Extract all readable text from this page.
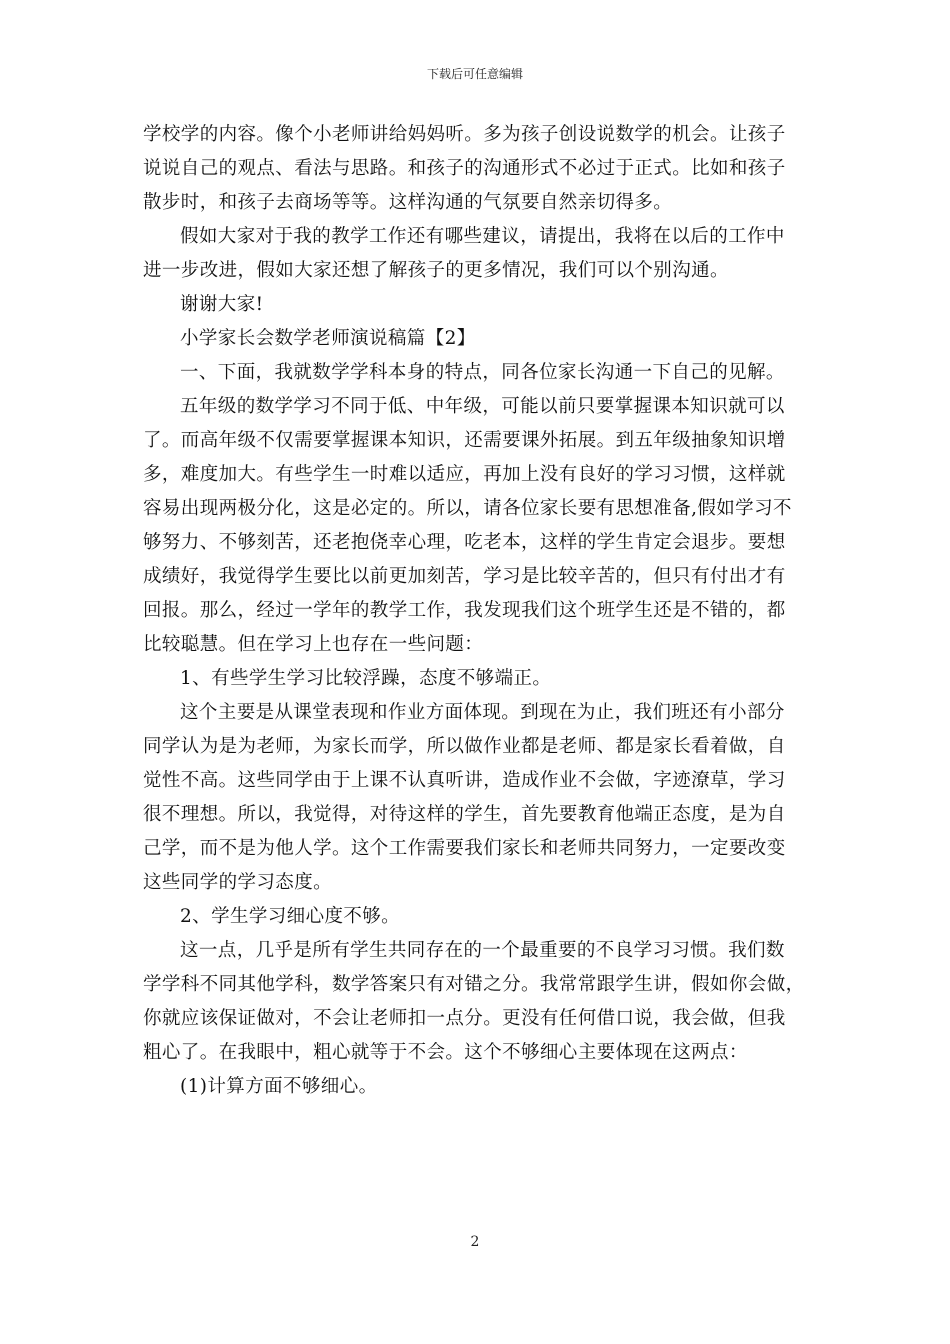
下载后可任意编辑
学校学的内容。像个小老师讲给妈妈听。多为孩子创设说数学的机会。让孩子
说说自己的观点、看法与思路。和孩子的沟通形式不必过于正式。比如和孩子
散步时，和孩子去商场等等。这样沟通的气氛要自然亲切得多。
假如大家对于我的教学工作还有哪些建议，请提出，我将在以后的工作中
进一步改进，假如大家还想了解孩子的更多情况，我们可以个别沟通。
谢谢大家!
小学家长会数学老师演说稿篇【2】
一、下面，我就数学学科本身的特点，同各位家长沟通一下自己的见解。
五年级的数学学习不同于低、中年级，可能以前只要掌握课本知识就可以
了。而高年级不仅需要掌握课本知识，还需要课外拓展。到五年级抽象知识增
多，难度加大。有些学生一时难以适应，再加上没有良好的学习习惯，这样就
容易出现两极分化，这是必定的。所以，请各位家长要有思想准备,假如学习不
够努力、不够刻苦，还老抱侥幸心理，吃老本，这样的学生肯定会退步。要想
成绩好，我觉得学生要比以前更加刻苦，学习是比较辛苦的，但只有付出才有
回报。那么，经过一学年的教学工作，我发现我们这个班学生还是不错的，都
比较聪慧。但在学习上也存在一些问题：
1、有些学生学习比较浮躁，态度不够端正。
这个主要是从课堂表现和作业方面体现。到现在为止，我们班还有小部分
同学认为是为老师，为家长而学，所以做作业都是老师、都是家长看着做，自
觉性不高。这些同学由于上课不认真听讲，造成作业不会做，字迹潦草，学习
很不理想。所以，我觉得，对待这样的学生，首先要教育他端正态度，是为自
己学，而不是为他人学。这个工作需要我们家长和老师共同努力，一定要改变
这些同学的学习态度。
2、学生学习细心度不够。
这一点，几乎是所有学生共同存在的一个最重要的不良学习习惯。我们数
学学科不同其他学科，数学答案只有对错之分。我常常跟学生讲，假如你会做，
你就应该保证做对，不会让老师扣一点分。更没有任何借口说，我会做，但我
粗心了。在我眼中，粗心就等于不会。这个不够细心主要体现在这两点：
(1)计算方面不够细心。
2
